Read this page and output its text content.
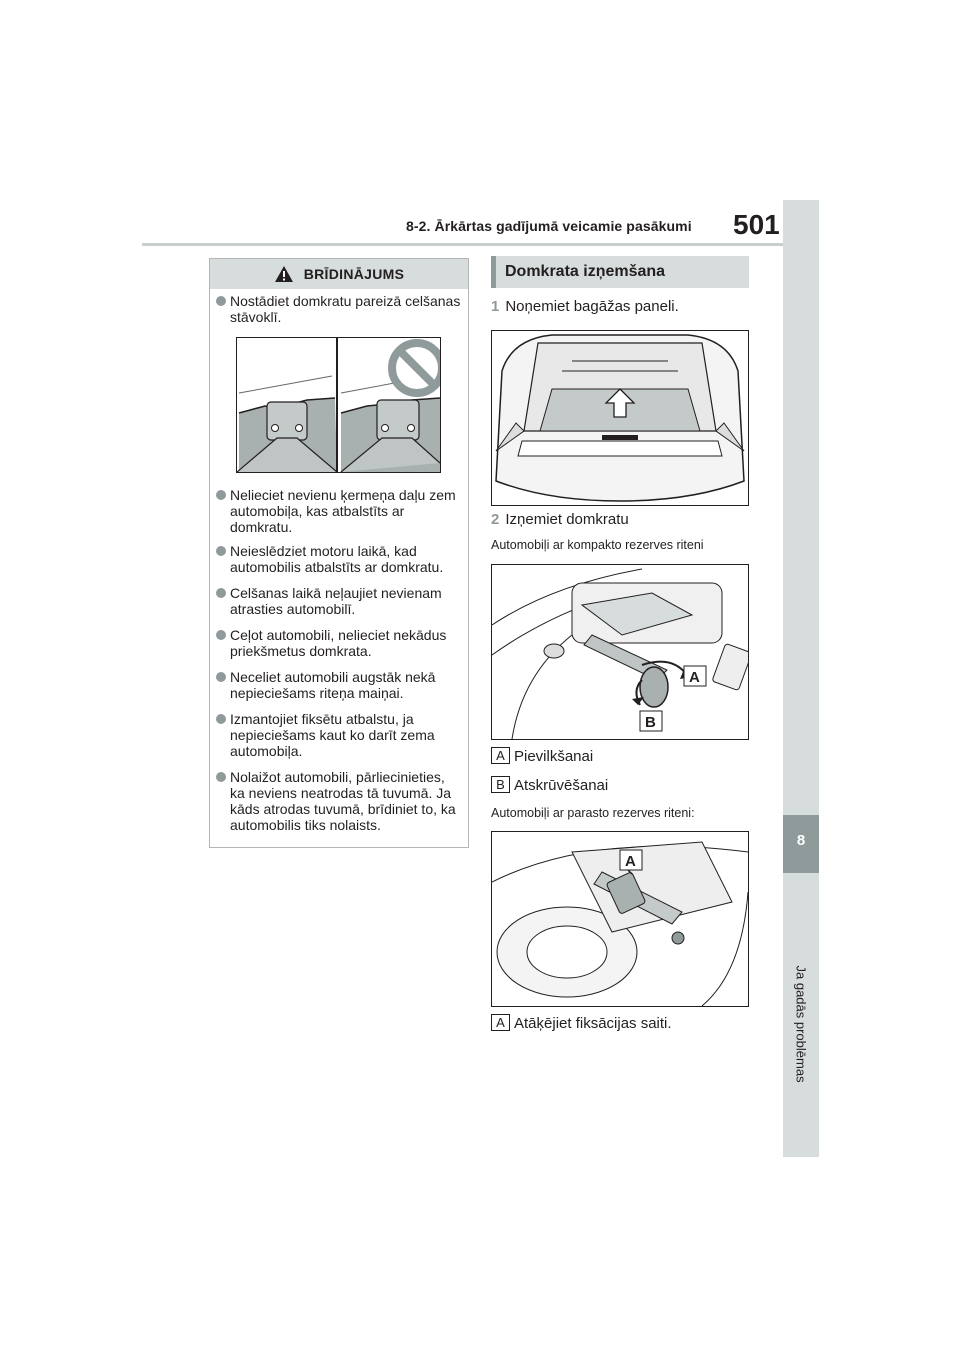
8-2. Ārkārtas gadījumā veicamie pasākumi 501
8
Ja gadās problēmas
BRĪDINĀJUMS
Nostādiet domkratu pareizā celšanas stāvoklī.
Nelieciet nevienu ķermeņa daļu zem automobiļa, kas atbalstīts ar domkratu.
Neieslēdziet motoru laikā, kad automobilis atbalstīts ar domkratu.
Celšanas laikā neļaujiet nevienam atrasties automobilī.
Ceļot automobili, nelieciet nekādus priekšmetus domkrata.
Neceliet automobili augstāk nekā nepieciešams riteņa maiņai.
Izmantojiet fiksētu atbalstu, ja nepieciešams kaut ko darīt zema automobiļa.
Nolaižot automobili, pārliecinieties, ka neviens neatrodas tā tuvumā. Ja kāds atrodas tuvumā, brīdiniet to, ka automobilis tiks nolaists.
Domkrata izņemšana
1 Noņemiet bagāžas paneli.
2 Izņemiet domkratu
Automobiļi ar kompakto rezerves riteni
A
B
A Pievilkšanai
B Atskrūvēšanai
Automobiļi ar parasto rezerves riteni:
A
A Atāķējiet fiksācijas saiti.
